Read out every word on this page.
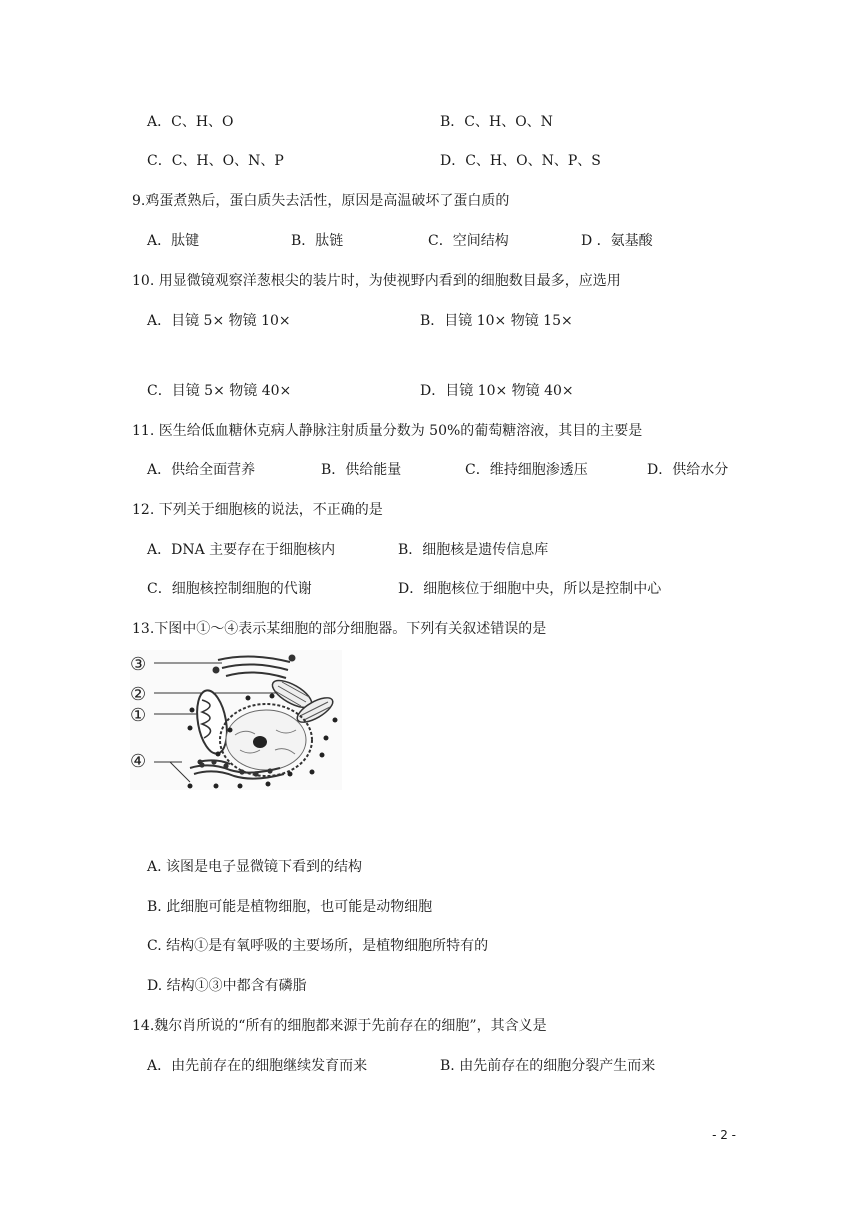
A．C、H、O	B．C、H、O、N
C．C、H、O、N、P	D．C、H、O、N、P、S
9.鸡蛋煮熟后，蛋白质失去活性，原因是高温破坏了蛋白质的
A．肽键	B．肽链	C．空间结构	D ．氨基酸
10. 用显微镜观察洋葱根尖的装片时，为使视野内看到的细胞数目最多，应选用
A．目镜 5× 物镜 10×	B．目镜 10× 物镜 15×
C．目镜 5× 物镜 40×	D．目镜 10× 物镜 40×
11. 医生给低血糖休克病人静脉注射质量分数为 50%的葡萄糖溶液，其目的主要是
A．供给全面营养	B．供给能量	C．维持细胞渗透压	D．供给水分
12. 下列关于细胞核的说法，不正确的是
A．DNA 主要存在于细胞核内	B．细胞核是遗传信息库
C．细胞核控制细胞的代谢	D．细胞核位于细胞中央，所以是控制中心
13.下图中①～④表示某细胞的部分细胞器。下列有关叙述错误的是
③
②
①
④
A. 该图是电子显微镜下看到的结构
B. 此细胞可能是植物细胞，也可能是动物细胞
C. 结构①是有氧呼吸的主要场所，是植物细胞所特有的
D. 结构①③中都含有磷脂
14.魏尔肖所说的“所有的细胞都来源于先前存在的细胞”，其含义是
A．由先前存在的细胞继续发育而来	B. 由先前存在的细胞分裂产生而来
- 2 -
